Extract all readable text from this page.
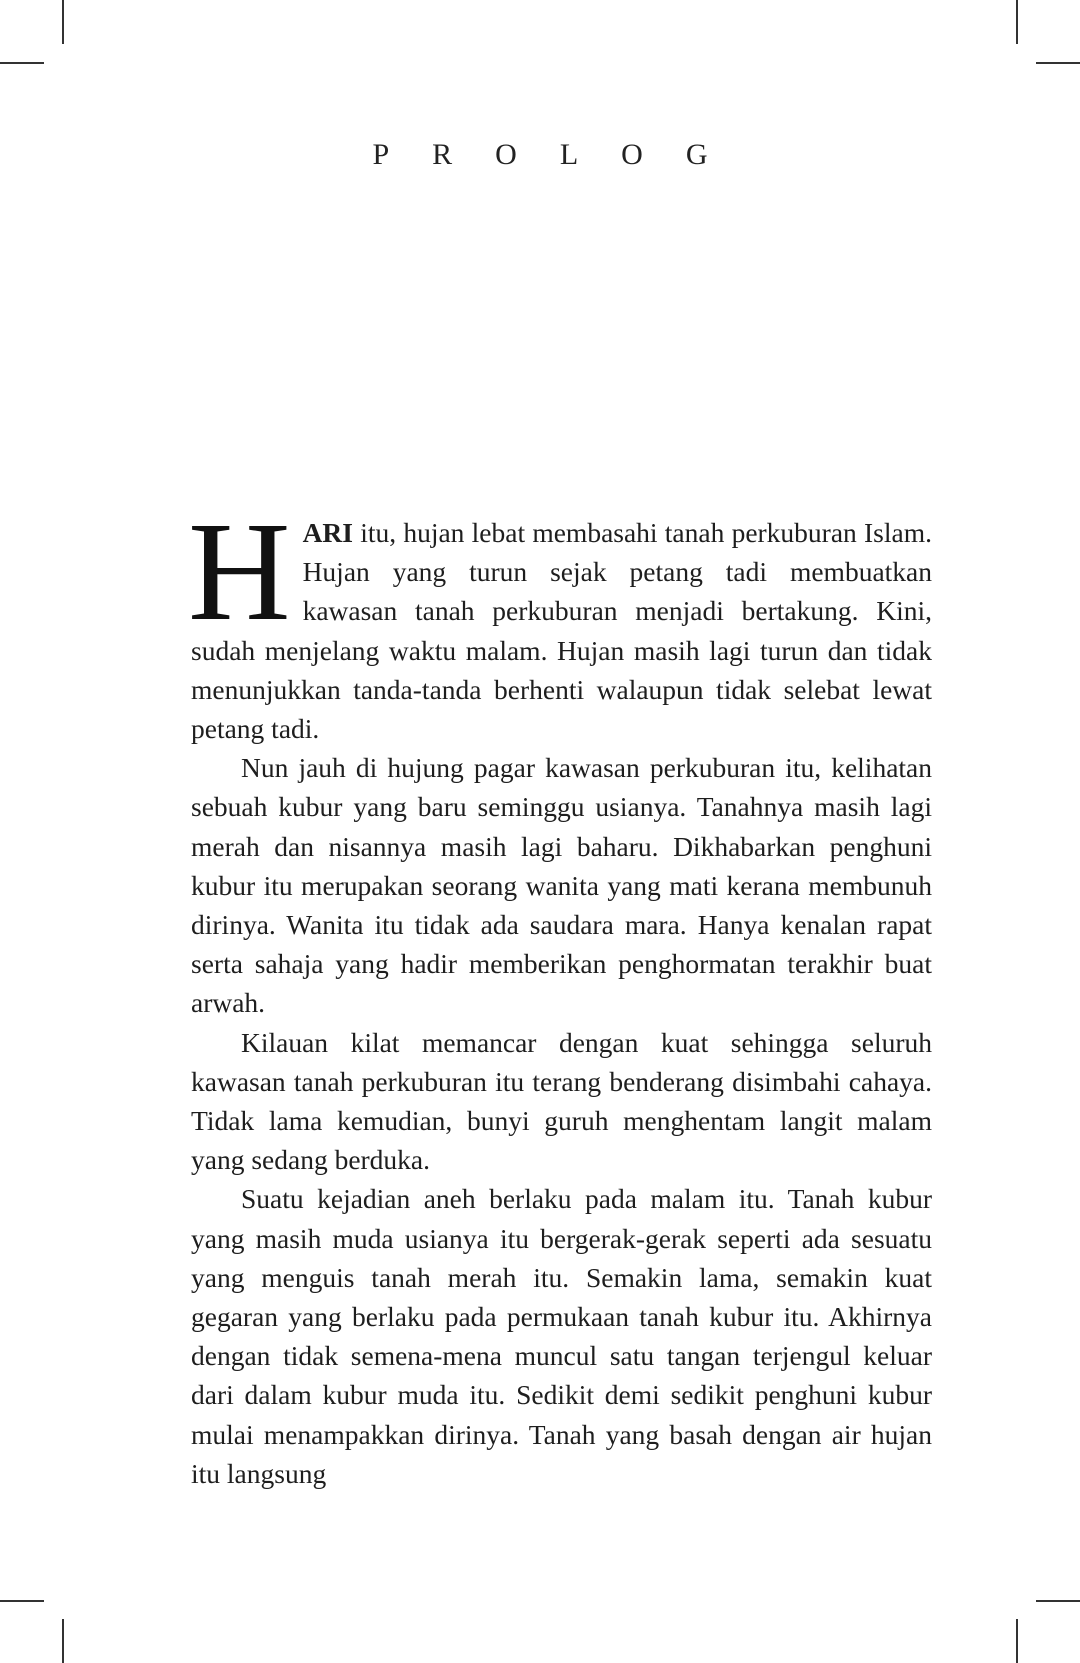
PROLOG

HARI itu, hujan lebat membasahi tanah perkuburan Islam. Hujan yang turun sejak petang tadi membuatkan kawasan tanah perkuburan menjadi bertakung. Kini, sudah menjelang waktu malam. Hujan masih lagi turun dan tidak menunjukkan tanda-tanda berhenti walaupun tidak selebat lewat petang tadi.

Nun jauh di hujung pagar kawasan perkuburan itu, kelihatan sebuah kubur yang baru seminggu usianya. Tanahnya masih lagi merah dan nisannya masih lagi baharu. Dikhabarkan penghuni kubur itu merupakan seorang wanita yang mati kerana membunuh dirinya. Wanita itu tidak ada saudara mara. Hanya kenalan rapat serta sahaja yang hadir memberikan penghormatan terakhir buat arwah.

Kilauan kilat memancar dengan kuat sehingga seluruh kawasan tanah perkuburan itu terang benderang disimbahi cahaya. Tidak lama kemudian, bunyi guruh menghentam langit malam yang sedang berduka.

Suatu kejadian aneh berlaku pada malam itu. Tanah kubur yang masih muda usianya itu bergerak-gerak seperti ada sesuatu yang menguis tanah merah itu. Semakin lama, semakin kuat gegaran yang berlaku pada permukaan tanah kubur itu. Akhirnya dengan tidak semena-mena muncul satu tangan terjengul keluar dari dalam kubur muda itu. Sedikit demi sedikit penghuni kubur mulai menampakkan dirinya. Tanah yang basah dengan air hujan itu langsung
